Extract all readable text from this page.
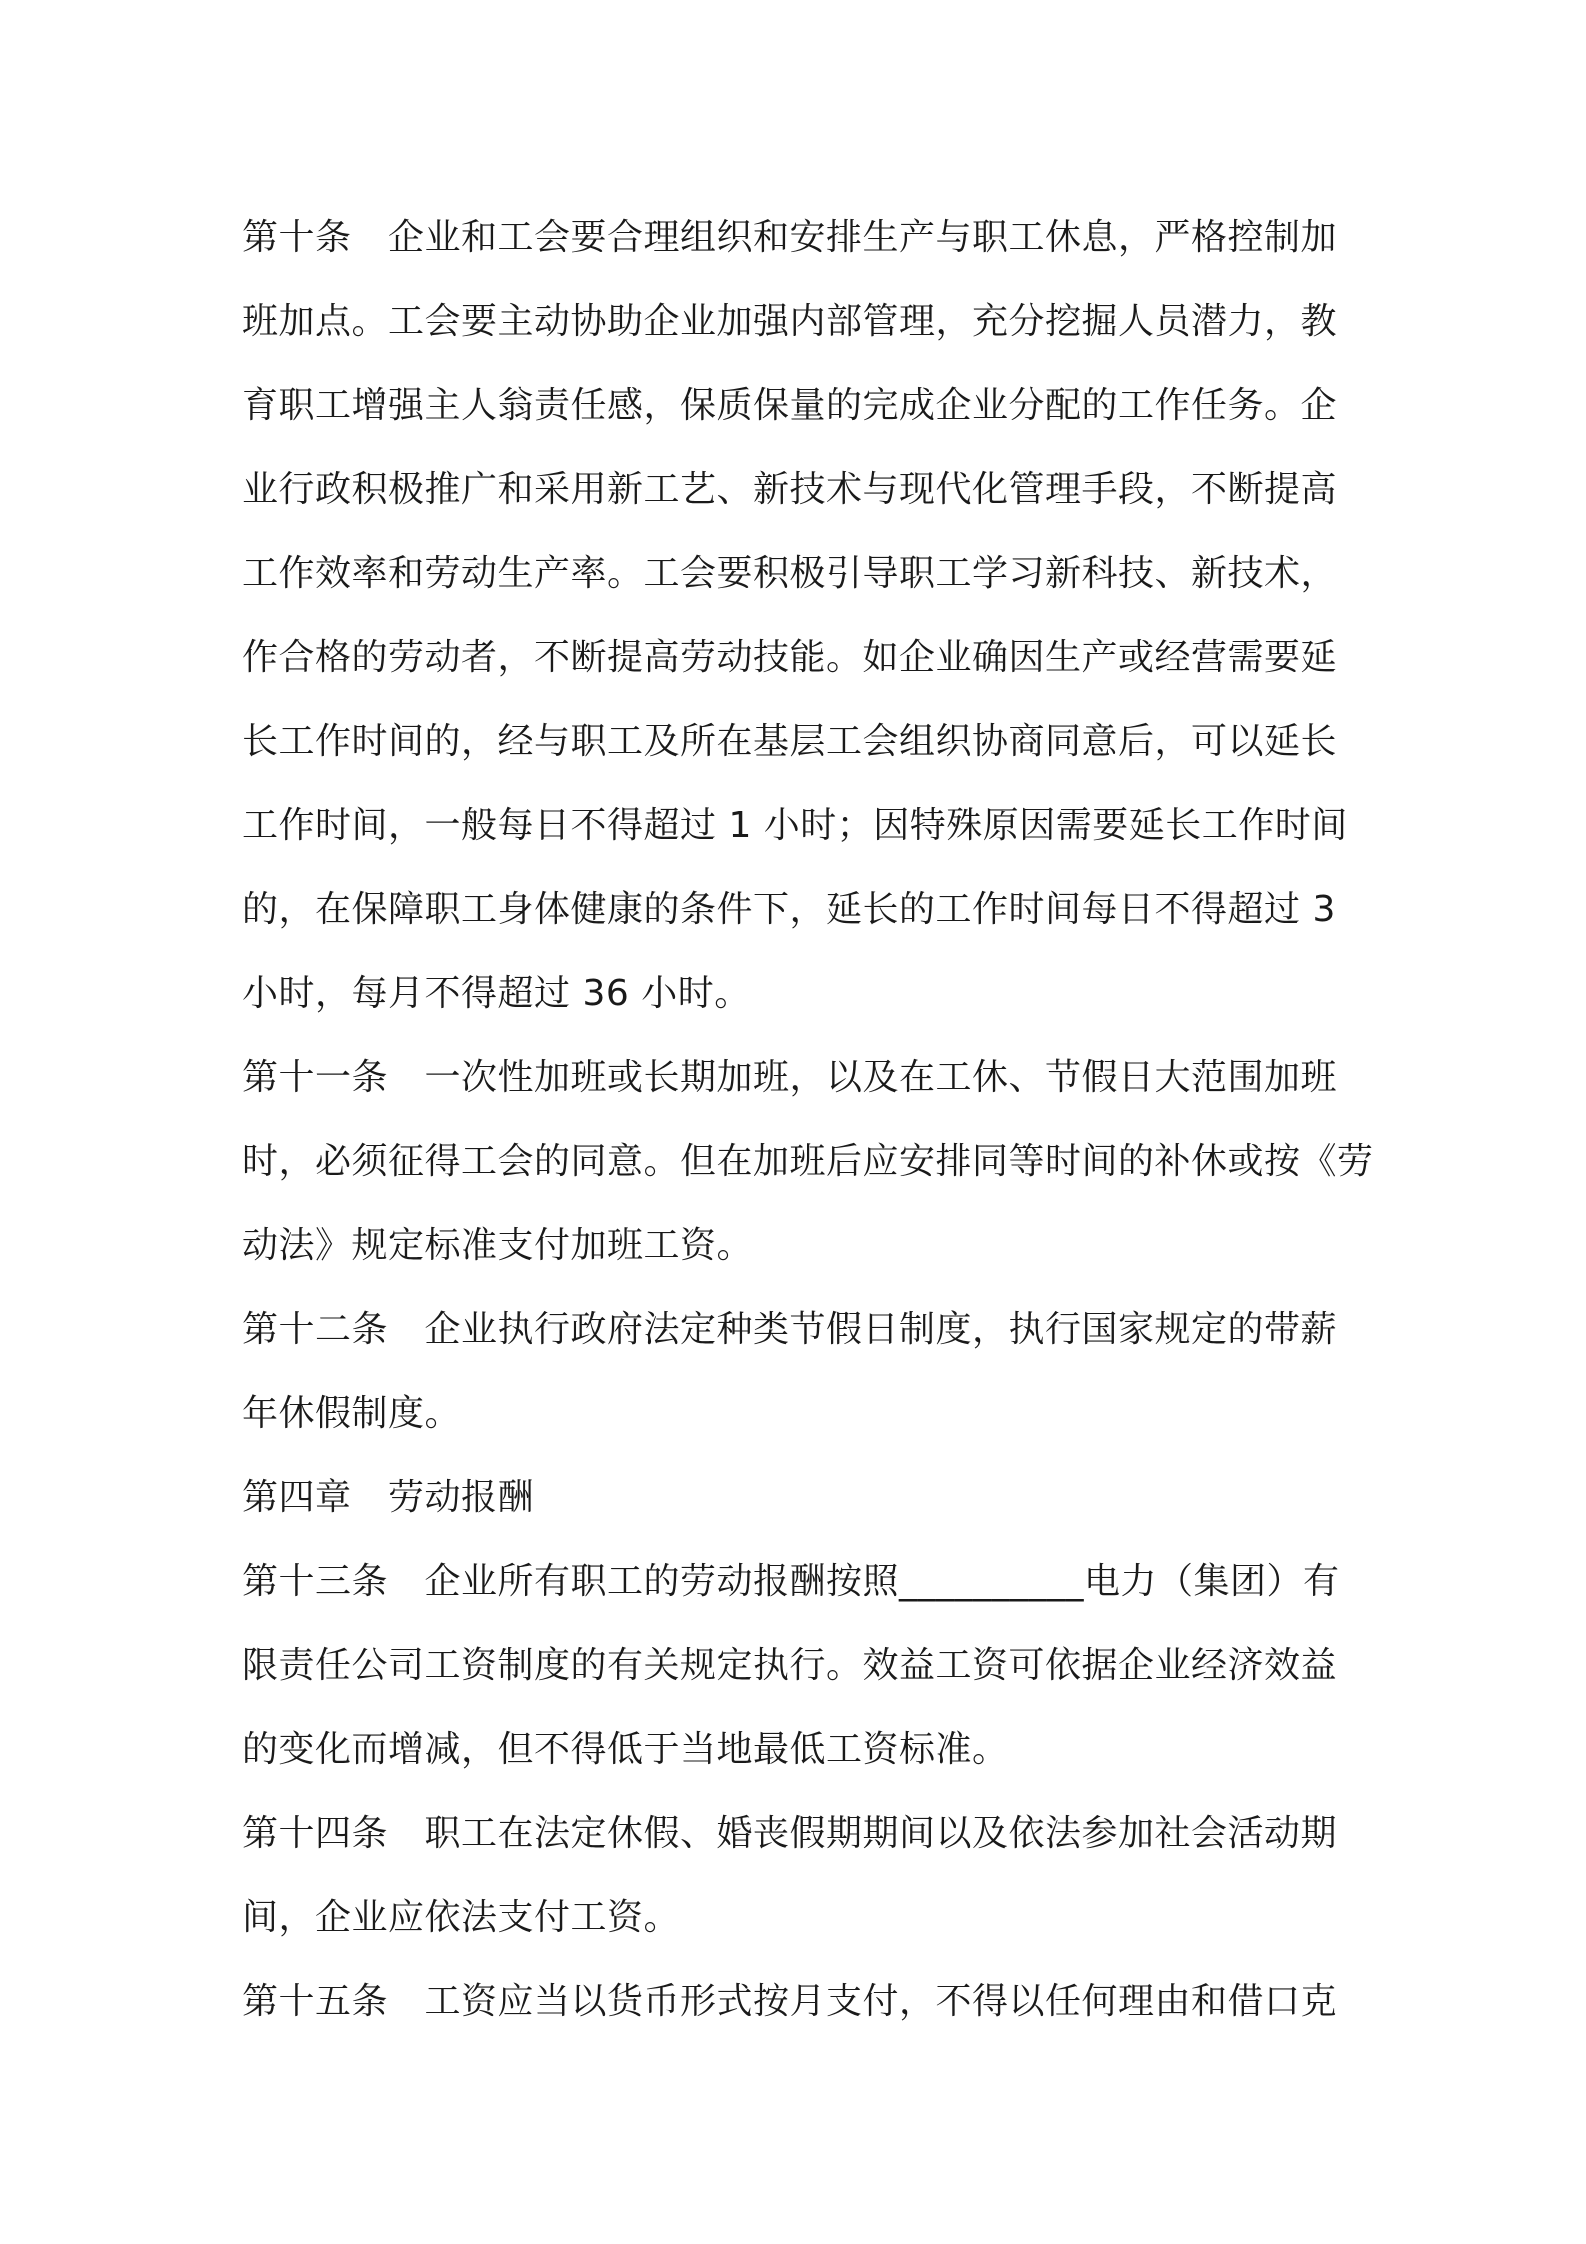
第十条　企业和工会要合理组织和安排生产与职工休息，严格控制加
班加点。工会要主动协助企业加强内部管理，充分挖掘人员潜力，教
育职工增强主人翁责任感，保质保量的完成企业分配的工作任务。企
业行政积极推广和采用新工艺、新技术与现代化管理手段，不断提高
工作效率和劳动生产率。工会要积极引导职工学习新科技、新技术，
作合格的劳动者，不断提高劳动技能。如企业确因生产或经营需要延
长工作时间的，经与职工及所在基层工会组织协商同意后，可以延长
工作时间，一般每日不得超过 1 小时；因特殊原因需要延长工作时间
的，在保障职工身体健康的条件下，延长的工作时间每日不得超过 3
小时，每月不得超过 36 小时。
第十一条　一次性加班或长期加班，以及在工休、节假日大范围加班
时，必须征得工会的同意。但在加班后应安排同等时间的补休或按《劳
动法》规定标准支付加班工资。
第十二条　企业执行政府法定种类节假日制度，执行国家规定的带薪
年休假制度。
第四章　劳动报酬
第十三条　企业所有职工的劳动报酬按照__________电力（集团）有
限责任公司工资制度的有关规定执行。效益工资可依据企业经济效益
的变化而增减，但不得低于当地最低工资标准。
第十四条　职工在法定休假、婚丧假期期间以及依法参加社会活动期
间，企业应依法支付工资。
第十五条　工资应当以货币形式按月支付，不得以任何理由和借口克
